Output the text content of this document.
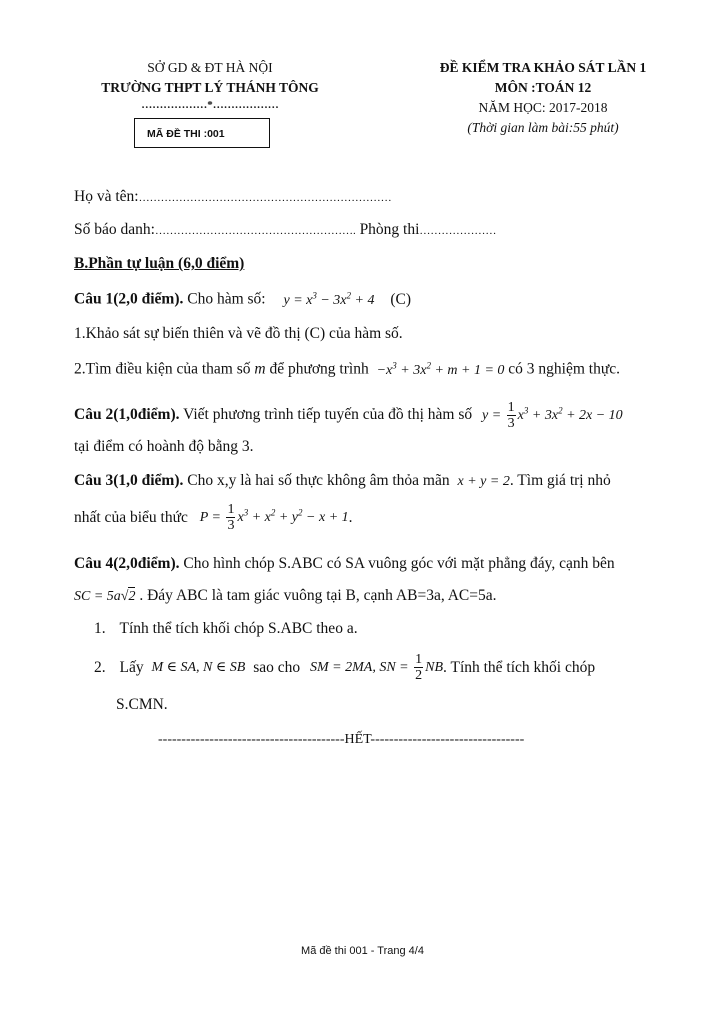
SỞ GD & ĐT HÀ NỘI
TRƯỜNG THPT LÝ THÁNH TÔNG
………………*………………
MÃ ĐỀ THI :001
ĐỀ KIỂM TRA KHẢO SÁT LẦN 1
MÔN :TOÁN 12
NĂM HỌC: 2017-2018
(Thời gian làm bài:55 phút)
Họ và tên:……………………………………………………………
Số báo danh:………………………………………………. Phòng thi…………………
B.Phần tự luận (6,0 điểm)
Câu 1(2,0 điểm). Cho hàm số: $y = x^3 - 3x^2 + 4$ (C)
1.Khảo sát sự biến thiên và vẽ đồ thị (C) của hàm số.
2.Tìm điều kiện của tham số m để phương trình $-x^3 + 3x^2 + m + 1 = 0$ có 3 nghiệm thực.
Câu 2(1,0điểm). Viết phương trình tiếp tuyến của đồ thị hàm số $y = \frac{1}{3} x^3 + 3x^2 + 2x - 10$
tại điểm có hoành độ bằng 3.
Câu 3(1,0 điểm). Cho x,y là hai số thực không âm thỏa mãn x + y = 2. Tìm giá trị nhỏ
nhất của biểu thức $P = \frac{1}{3} x^3 + x^2 + y^2 - x + 1$.
Câu 4(2,0điểm). Cho hình chóp S.ABC có SA vuông góc với mặt phẳng đáy, cạnh bên
SC = 5a√2 . Đáy ABC là tam giác vuông tại B, cạnh AB=3a, AC=5a.
1. Tính thể tích khối chóp S.ABC theo a.
2. Lấy M ∈ SA, N ∈ SB sao cho SM = 2MA, SN = $\frac{1}{2}$ NB. Tính thể tích khối chóp
S.CMN.
----------------------------------------HẾT---------------------------------
Mã đề thi 001 - Trang 4/4
